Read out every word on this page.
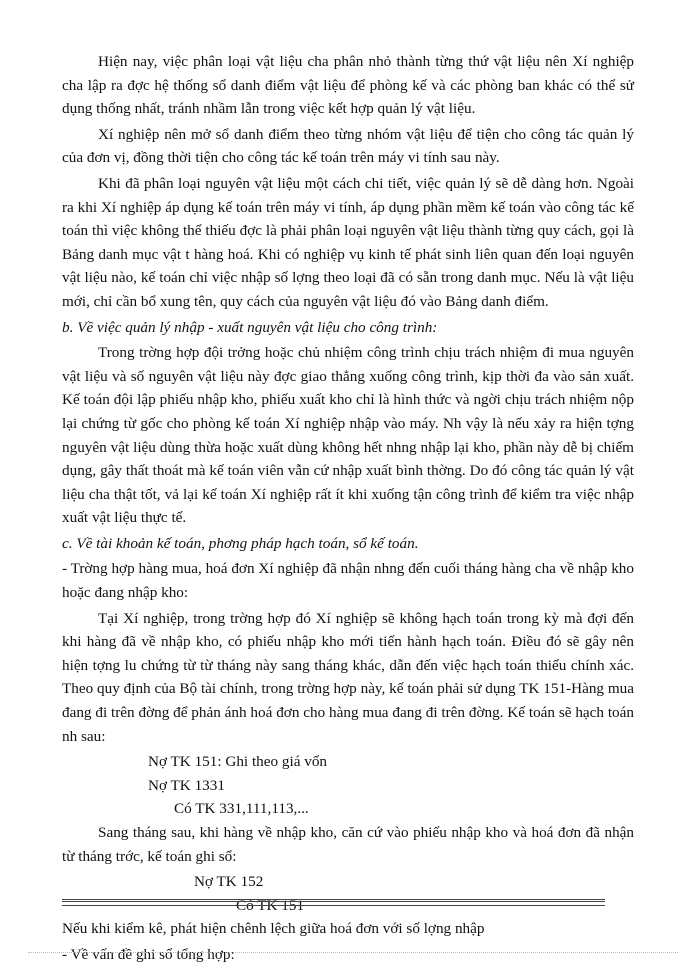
Hiện nay, việc phân loại vật liệu cha phân nhỏ thành từng thứ vật liệu nên Xí nghiệp cha lập ra đợc hệ thống sổ danh điểm vật liệu để phòng kế và các phòng ban khác có thể sử dụng thống nhất, tránh nhầm lẫn trong việc kết hợp quản lý vật liệu.

Xí nghiệp nên mở sổ danh điểm theo từng nhóm vật liệu để tiện cho công tác quản lý của đơn vị, đồng thời tiện cho công tác kế toán trên máy vi tính sau này.

Khi đã phân loại nguyên vật liệu một cách chi tiết, việc quản lý sẽ dễ dàng hơn. Ngoài ra khi Xí nghiệp áp dụng kế toán trên máy vi tính, áp dụng phần mềm kế toán vào công tác kế toán thì việc không thể thiếu đợc là phải phân loại nguyên vật liệu thành từng quy cách, gọi là Bảng danh mục vật t hàng hoá. Khi có nghiệp vụ kinh tế phát sinh liên quan đến loại nguyên vật liệu nào, kế toán chỉ việc nhập số lợng theo loại đã có sẵn trong danh mục. Nếu là vật liệu mới, chỉ cần bổ xung tên, quy cách của nguyên vật liệu đó vào Bảng danh điểm.

b. Về việc quản lý nhập - xuất nguyên vật liệu cho công trình:

Trong trờng hợp đội trởng hoặc chủ nhiệm công trình chịu trách nhiệm đi mua nguyên vật liệu và số nguyên vật liệu này đợc giao thẳng xuống công trình, kịp thời đa vào sản xuất. Kế toán đội lập phiếu nhập kho, phiếu xuất kho chỉ là hình thức và ngời chịu trách nhiệm nộp lại chứng từ gốc cho phòng kế toán Xí nghiệp nhập vào máy. Nh vậy là nếu xảy ra hiện tợng nguyên vật liệu dùng thừa hoặc xuất dùng không hết nhng nhập lại kho, phần này dễ bị chiếm dụng, gây thất thoát mà kế toán viên vẫn cứ nhập xuất bình thờng. Do đó công tác quản lý vật liệu cha thật tốt, vả lại kế toán Xí nghiệp rất ít khi xuống tận công trình để kiểm tra việc nhập xuất vật liệu thực tế.

c. Về tài khoản kế toán, phơng pháp hạch toán, sổ kế toán.

- Trờng hợp hàng mua, hoá đơn Xí nghiệp đã nhận nhng đến cuối tháng hàng cha về nhập kho hoặc đang nhập kho:

Tại Xí nghiệp, trong trờng hợp đó Xí nghiệp sẽ không hạch toán trong kỳ mà đợi đến khi hàng đã về nhập kho, có phiếu nhập kho mới tiến hành hạch toán. Điều đó sẽ gây nên hiện tợng lu chứng từ từ tháng này sang tháng khác, dẫn đến việc hạch toán thiếu chính xác. Theo quy định của Bộ tài chính, trong trờng hợp này, kế toán phải sử dụng TK 151-Hàng mua đang đi trên đờng để phản ánh hoá đơn cho hàng mua đang đi trên đờng. Kế toán sẽ hạch toán nh sau:

Nợ TK 151: Ghi theo giá vốn

Nợ TK 1331

Có TK 331,111,113,...

Sang tháng sau, khi hàng về nhập kho, căn cứ vào phiếu nhập kho và hoá đơn đã nhận từ tháng trớc, kế toán ghi sổ:

Nợ TK 152

Có TK 151

Nếu khi kiểm kê, phát hiện chênh lệch giữa hoá đơn với số lợng nhập

- Về vấn đề ghi sổ tổng hợp:
